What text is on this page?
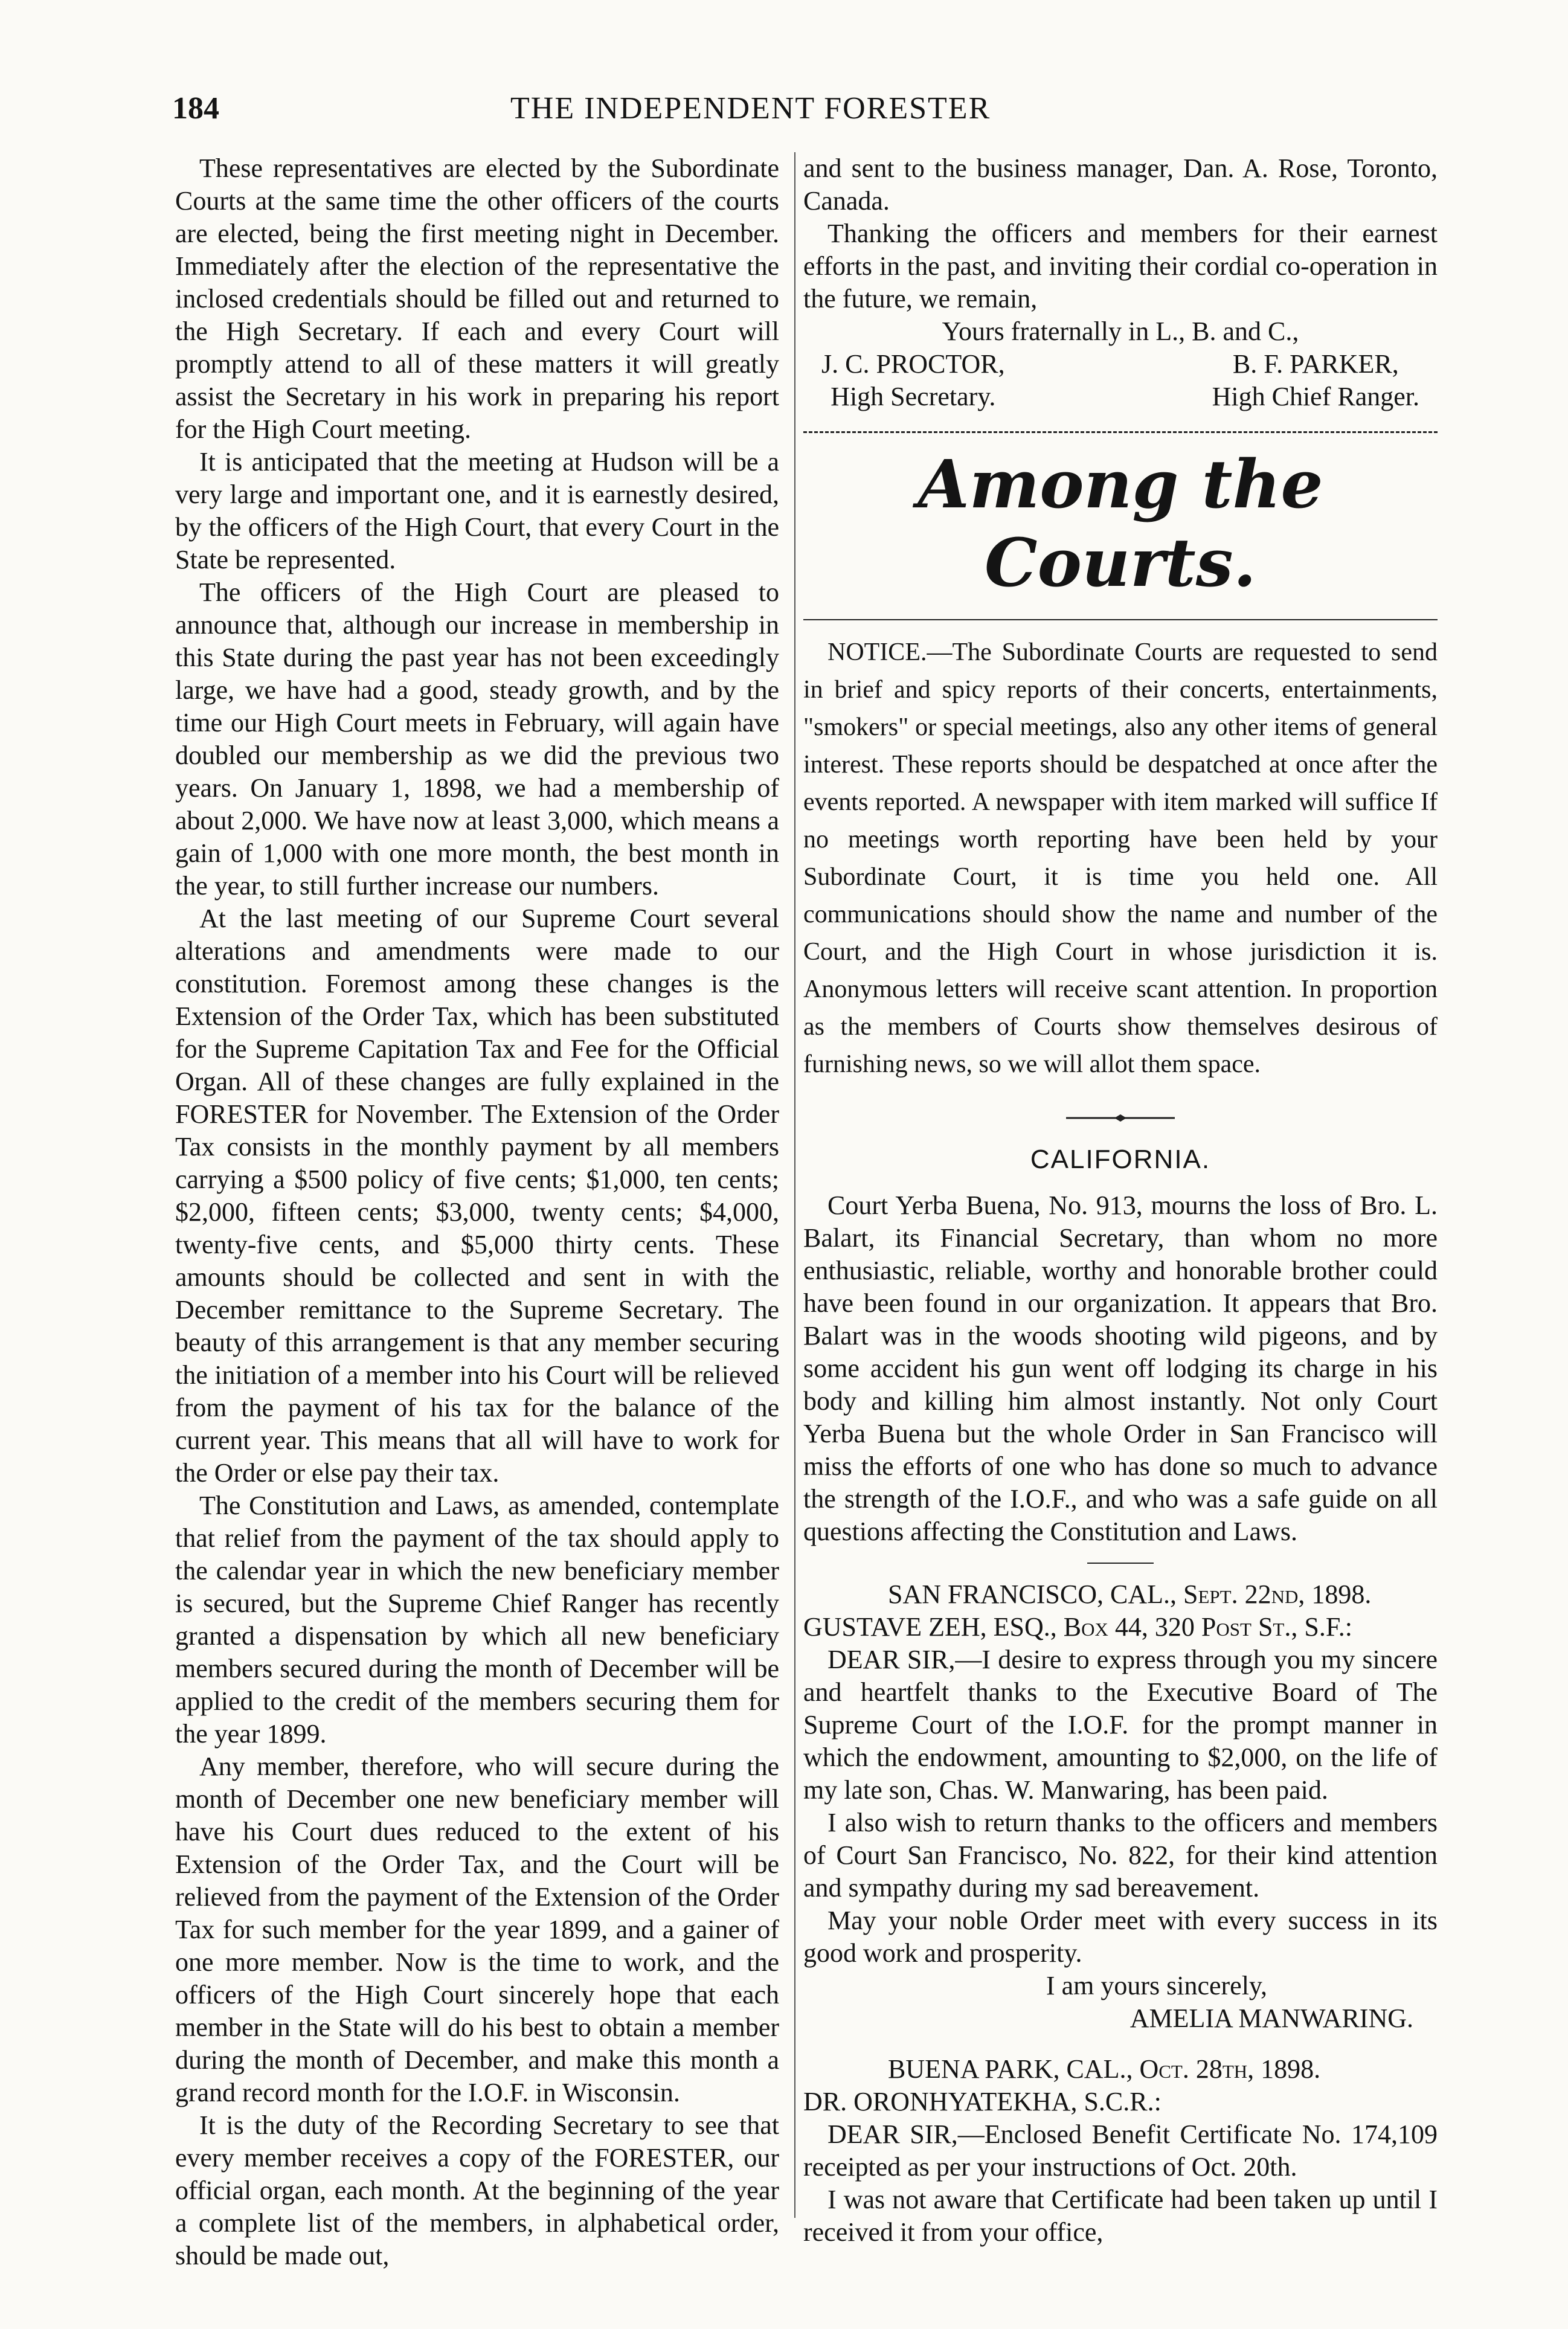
184	THE INDEPENDENT FORESTER

These representatives are elected by the Subordinate Courts at the same time the other officers of the courts are elected, being the first meeting night in December. Immediately after the election of the representative the inclosed credentials should be filled out and returned to the High Secretary. If each and every Court will promptly attend to all of these matters it will greatly assist the Secretary in his work in preparing his report for the High Court meeting.

It is anticipated that the meeting at Hudson will be a very large and important one, and it is earnestly desired, by the officers of the High Court, that every Court in the State be represented.

The officers of the High Court are pleased to announce that, although our increase in membership in this State during the past year has not been exceedingly large, we have had a good, steady growth, and by the time our High Court meets in February, will again have doubled our membership as we did the previous two years. On January 1, 1898, we had a membership of about 2,000. We have now at least 3,000, which means a gain of 1,000 with one more month, the best month in the year, to still further increase our numbers.

At the last meeting of our Supreme Court several alterations and amendments were made to our constitution. Foremost among these changes is the Extension of the Order Tax, which has been substituted for the Supreme Capitation Tax and Fee for the Official Organ. All of these changes are fully explained in the FORESTER for November. The Extension of the Order Tax consists in the monthly payment by all members carrying a $500 policy of five cents; $1,000, ten cents; $2,000, fifteen cents; $3,000, twenty cents; $4,000, twenty-five cents, and $5,000 thirty cents. These amounts should be collected and sent in with the December remittance to the Supreme Secretary. The beauty of this arrangement is that any member securing the initiation of a member into his Court will be relieved from the payment of his tax for the balance of the current year. This means that all will have to work for the Order or else pay their tax.

The Constitution and Laws, as amended, contemplate that relief from the payment of the tax should apply to the calendar year in which the new beneficiary member is secured, but the Supreme Chief Ranger has recently granted a dispensation by which all new beneficiary members secured during the month of December will be applied to the credit of the members securing them for the year 1899.

Any member, therefore, who will secure during the month of December one new beneficiary member will have his Court dues reduced to the extent of his Extension of the Order Tax, and the Court will be relieved from the payment of the Extension of the Order Tax for such member for the year 1899, and a gainer of one more member. Now is the time to work, and the officers of the High Court sincerely hope that each member in the State will do his best to obtain a member during the month of December, and make this month a grand record month for the I.O.F. in Wisconsin.

It is the duty of the Recording Secretary to see that every member receives a copy of the FORESTER, our official organ, each month. At the beginning of the year a complete list of the members, in alphabetical order, should be made out,

and sent to the business manager, Dan. A. Rose, Toronto, Canada.

Thanking the officers and members for their earnest efforts in the past, and inviting their cordial co-operation in the future, we remain,

Yours fraternally in L., B. and C.,

J. C. PROCTOR,
High Secretary.
B. F. PARKER,
High Chief Ranger.
Among the Courts.

NOTICE.—The Subordinate Courts are requested to send in brief and spicy reports of their concerts, entertainments, "smokers" or special meetings, also any other items of general interest. These reports should be despatched at once after the events reported. A newspaper with item marked will suffice If no meetings worth reporting have been held by your Subordinate Court, it is time you held one. All communications should show the name and number of the Court, and the High Court in whose jurisdiction it is. Anonymous letters will receive scant attention. In proportion as the members of Courts show themselves desirous of furnishing news, so we will allot them space.

CALIFORNIA.

Court Yerba Buena, No. 913, mourns the loss of Bro. L. Balart, its Financial Secretary, than whom no more enthusiastic, reliable, worthy and honorable brother could have been found in our organization. It appears that Bro. Balart was in the woods shooting wild pigeons, and by some accident his gun went off lodging its charge in his body and killing him almost instantly. Not only Court Yerba Buena but the whole Order in San Francisco will miss the efforts of one who has done so much to advance the strength of the I.O.F., and who was a safe guide on all questions affecting the Constitution and Laws.

SAN FRANCISCO, CAL., Sept. 22nd, 1898.

GUSTAVE ZEH, ESQ., Box 44, 320 Post St., S.F.:

DEAR SIR,—I desire to express through you my sincere and heartfelt thanks to the Executive Board of The Supreme Court of the I.O.F. for the prompt manner in which the endowment, amounting to $2,000, on the life of my late son, Chas. W. Manwaring, has been paid.

I also wish to return thanks to the officers and members of Court San Francisco, No. 822, for their kind attention and sympathy during my sad bereavement.

May your noble Order meet with every success in its good work and prosperity.

I am yours sincerely,

AMELIA MANWARING.

BUENA PARK, CAL., Oct. 28th, 1898.

DR. ORONHYATEKHA, S.C.R.:

DEAR SIR,—Enclosed Benefit Certificate No. 174,109 receipted as per your instructions of Oct. 20th.

I was not aware that Certificate had been taken up until I received it from your office,
